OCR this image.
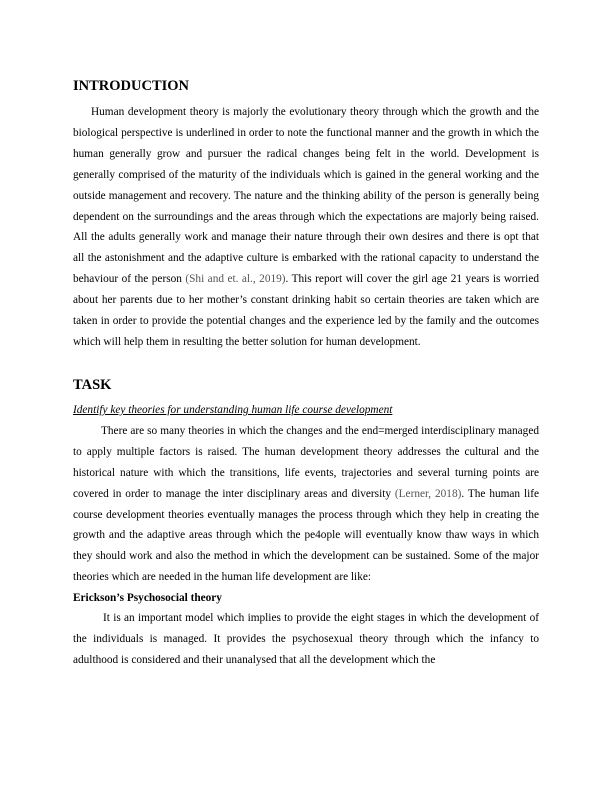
INTRODUCTION

Human development theory is majorly the evolutionary theory through which the growth and the biological perspective is underlined in order to note the functional manner and the growth in which the human generally grow and pursuer the radical changes being felt in the world. Development is generally comprised of the maturity of the individuals which is gained in the general working and the outside management and recovery. The nature and the thinking ability of the person is generally being dependent on the surroundings and the areas through which the expectations are majorly being raised. All the adults generally work and manage their nature through their own desires and there is opt that all the astonishment and the adaptive culture is embarked with the rational capacity to understand the behaviour of the person (Shi and et. al., 2019). This report will cover the girl age 21 years is worried about her parents due to her mother’s constant drinking habit so certain theories are taken which are taken in order to provide the potential changes and the experience led by the family and the outcomes which will help them in resulting the better solution for human development.

TASK
Identify key theories for understanding human life course development

There are so many theories in which the changes and the end=merged interdisciplinary managed to apply multiple factors is raised. The human development theory addresses the cultural and the historical nature with which the transitions, life events, trajectories and several turning points are covered in order to manage the inter disciplinary areas and diversity (Lerner, 2018). The human life course development theories eventually manages the process through which they help in creating the growth and the adaptive areas through which the pe4ople will eventually know thaw ways in which they should work and also the method in which the development can be sustained. Some of the major theories which are needed in the human life development are like:

Erickson’s Psychosocial theory

It is an important model which implies to provide the eight stages in which the development of the individuals is managed. It provides the psychosexual theory through which the infancy to adulthood is considered and their unanalysed that all the development which the
